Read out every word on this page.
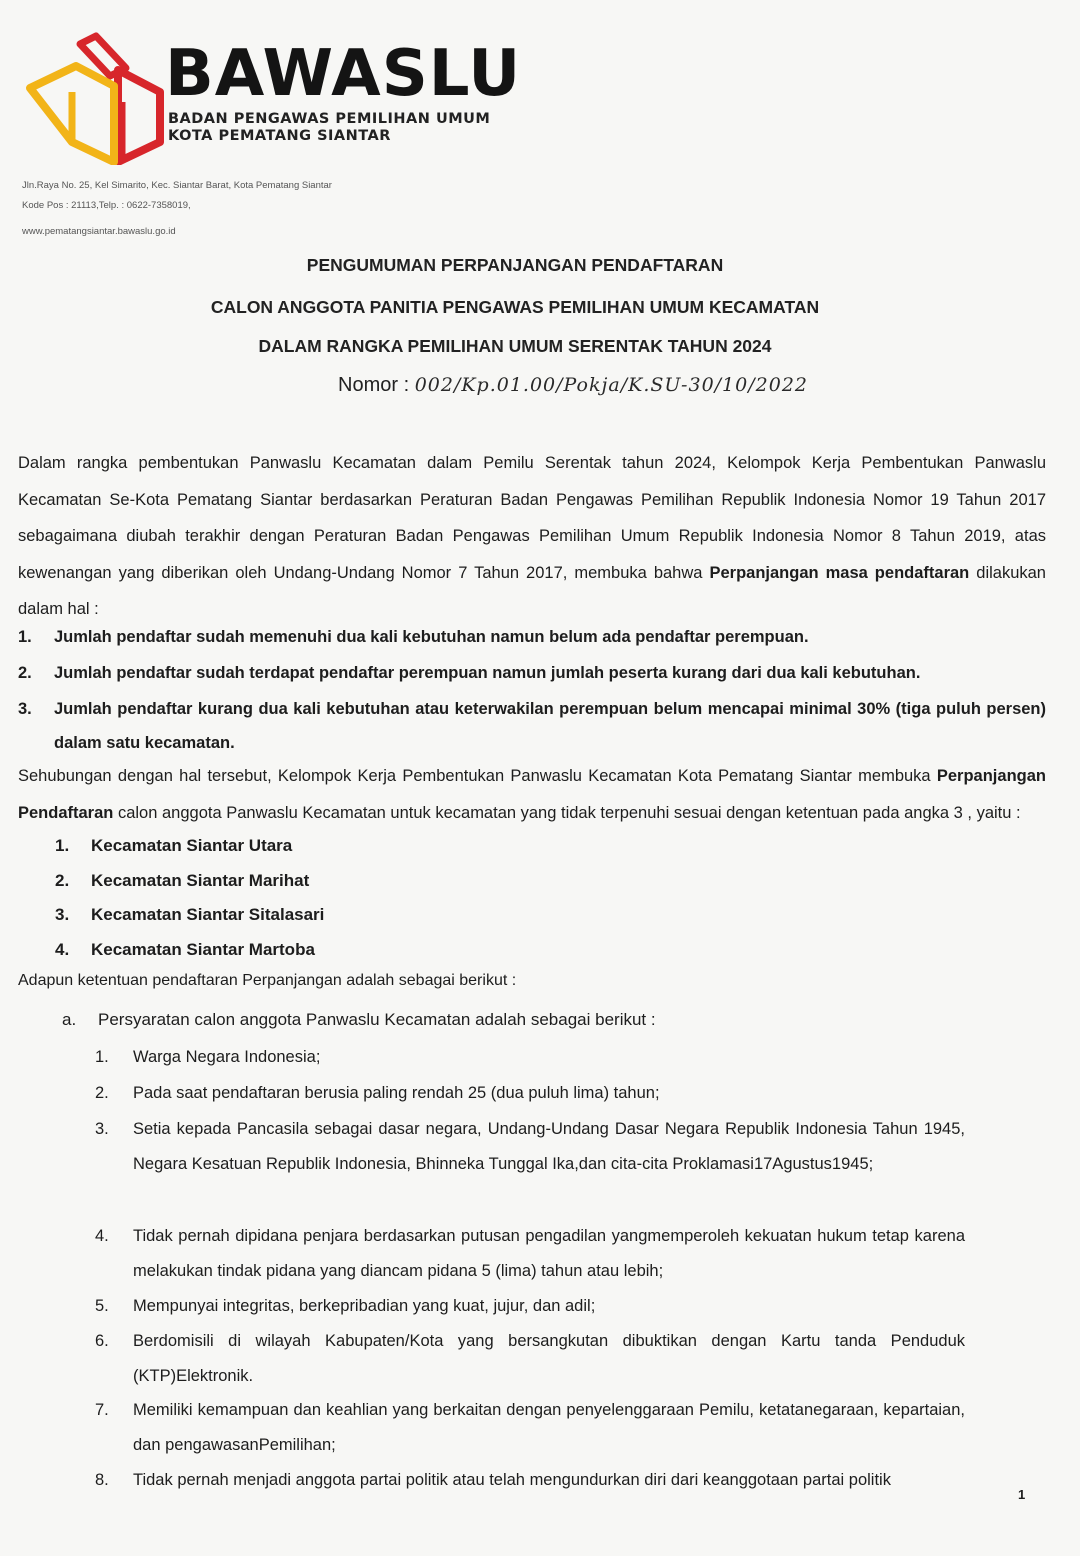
BAWASLU
BADAN PENGAWAS PEMILIHAN UMUM
KOTA PEMATANG SIANTAR
Jln.Raya No. 25, Kel Simarito, Kec. Siantar Barat, Kota Pematang Siantar
Kode Pos : 21113,Telp. : 0622-7358019,
www.pematangsiantar.bawaslu.go.id
PENGUMUMAN PERPANJANGAN PENDAFTARAN
CALON ANGGOTA PANITIA PENGAWAS PEMILIHAN UMUM KECAMATAN
DALAM RANGKA PEMILIHAN UMUM SERENTAK TAHUN 2024
Nomor : 002/Kp.01.00/Pokja/K.SU-30/10/2022
Dalam rangka pembentukan Panwaslu Kecamatan dalam Pemilu Serentak tahun 2024, Kelompok Kerja Pembentukan Panwaslu Kecamatan Se-Kota Pematang Siantar berdasarkan Peraturan Badan Pengawas Pemilihan Republik Indonesia Nomor 19 Tahun 2017 sebagaimana diubah terakhir dengan Peraturan Badan Pengawas Pemilihan Umum Republik Indonesia Nomor 8 Tahun 2019, atas kewenangan yang diberikan oleh Undang-Undang Nomor 7 Tahun 2017, membuka bahwa Perpanjangan masa pendaftaran dilakukan dalam hal :
1. Jumlah pendaftar sudah memenuhi dua kali kebutuhan namun belum ada pendaftar perempuan.
2. Jumlah pendaftar sudah terdapat pendaftar perempuan namun jumlah peserta kurang dari dua kali kebutuhan.
3. Jumlah pendaftar kurang dua kali kebutuhan atau keterwakilan perempuan belum mencapai minimal 30% (tiga puluh persen) dalam satu kecamatan.
Sehubungan dengan hal tersebut, Kelompok Kerja Pembentukan Panwaslu Kecamatan Kota Pematang Siantar membuka Perpanjangan Pendaftaran calon anggota Panwaslu Kecamatan untuk kecamatan yang tidak terpenuhi sesuai dengan ketentuan pada angka 3 , yaitu :
1. Kecamatan Siantar Utara
2. Kecamatan Siantar Marihat
3. Kecamatan Siantar Sitalasari
4. Kecamatan Siantar Martoba
Adapun ketentuan pendaftaran Perpanjangan adalah sebagai berikut :
a. Persyaratan calon anggota Panwaslu Kecamatan adalah sebagai berikut :
1. Warga Negara Indonesia;
2. Pada saat pendaftaran berusia paling rendah 25 (dua puluh lima) tahun;
3. Setia kepada Pancasila sebagai dasar negara, Undang-Undang Dasar Negara Republik Indonesia Tahun 1945, Negara Kesatuan Republik Indonesia, Bhinneka Tunggal Ika,dan cita-cita Proklamasi17Agustus1945;
4. Tidak pernah dipidana penjara berdasarkan putusan pengadilan yangmemperoleh kekuatan hukum tetap karena melakukan tindak pidana yang diancam pidana 5 (lima) tahun atau lebih;
5. Mempunyai integritas, berkepribadian yang kuat, jujur, dan adil;
6. Berdomisili di wilayah Kabupaten/Kota yang bersangkutan dibuktikan dengan Kartu tanda Penduduk (KTP)Elektronik.
7. Memiliki kemampuan dan keahlian yang berkaitan dengan penyelenggaraan Pemilu, ketatanegaraan, kepartaian, dan pengawasanPemilihan;
8. Tidak pernah menjadi anggota partai politik atau telah mengundurkan diri dari keanggotaan partai politik
1
